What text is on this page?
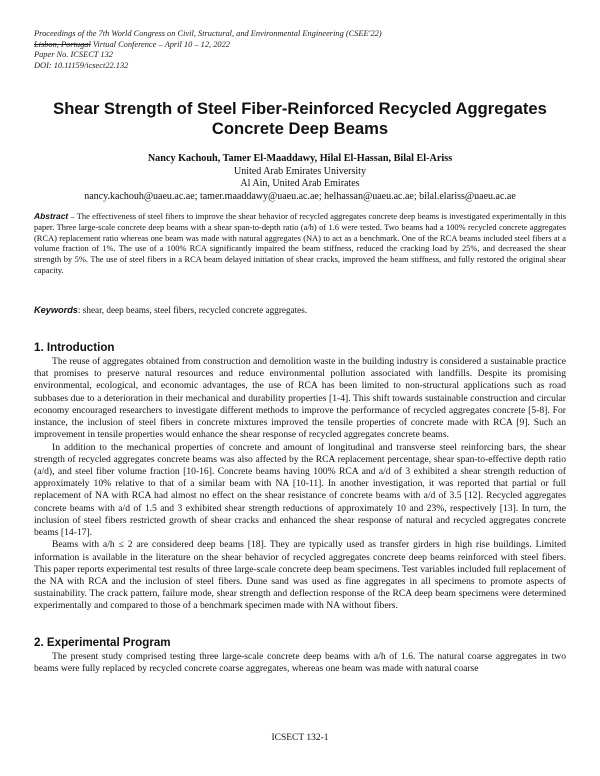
Proceedings of the 7th World Congress on Civil, Structural, and Environmental Engineering (CSEE'22)
Lisbon, Portugal Virtual Conference – April 10 – 12, 2022
Paper No. ICSECT 132
DOI: 10.11159/icsect22.132
Shear Strength of Steel Fiber-Reinforced Recycled Aggregates
Concrete Deep Beams
Nancy Kachouh, Tamer El-Maaddawy, Hilal El-Hassan, Bilal El-Ariss
United Arab Emirates University
Al Ain, United Arab Emirates
nancy.kachouh@uaeu.ac.ae; tamer.maaddawy@uaeu.ac.ae; helhassan@uaeu.ac.ae; bilal.elariss@uaeu.ac.ae
Abstract – The effectiveness of steel fibers to improve the shear behavior of recycled aggregates concrete deep beams is investigated experimentally in this paper. Three large-scale concrete deep beams with a shear span-to-depth ratio (a/h) of 1.6 were tested. Two beams had a 100% recycled concrete aggregates (RCA) replacement ratio whereas one beam was made with natural aggregates (NA) to act as a benchmark. One of the RCA beams included steel fibers at a volume fraction of 1%. The use of a 100% RCA significantly impaired the beam stiffness, reduced the cracking load by 25%, and decreased the shear strength by 5%. The use of steel fibers in a RCA beam delayed initiation of shear cracks, improved the beam stiffness, and fully restored the original shear capacity.
Keywords: shear, deep beams, steel fibers, recycled concrete aggregates.
1. Introduction

The reuse of aggregates obtained from construction and demolition waste in the building industry is considered a sustainable practice that promises to preserve natural resources and reduce environmental pollution associated with landfills. Despite its promising environmental, ecological, and economic advantages, the use of RCA has been limited to non-structural applications such as road subbases due to a deterioration in their mechanical and durability properties [1-4]. This shift towards sustainable construction and circular economy encouraged researchers to investigate different methods to improve the performance of recycled aggregates concrete [5-8]. For instance, the inclusion of steel fibers in concrete mixtures improved the tensile properties of concrete made with RCA [9]. Such an improvement in tensile properties would enhance the shear response of recycled aggregates concrete beams.

In addition to the mechanical properties of concrete and amount of longitudinal and transverse steel reinforcing bars, the shear strength of recycled aggregates concrete beams was also affected by the RCA replacement percentage, shear span-to-effective depth ratio (a/d), and steel fiber volume fraction [10-16]. Concrete beams having 100% RCA and a/d of 3 exhibited a shear strength reduction of approximately 10% relative to that of a similar beam with NA [10-11]. In another investigation, it was reported that partial or full replacement of NA with RCA had almost no effect on the shear resistance of concrete beams with a/d of 3.5 [12]. Recycled aggregates concrete beams with a/d of 1.5 and 3 exhibited shear strength reductions of approximately 10 and 23%, respectively [13]. In turn, the inclusion of steel fibers restricted growth of shear cracks and enhanced the shear response of natural and recycled aggregates concrete beams [14-17].

Beams with a/h ≤ 2 are considered deep beams [18]. They are typically used as transfer girders in high rise buildings. Limited information is available in the literature on the shear behavior of recycled aggregates concrete deep beams reinforced with steel fibers. This paper reports experimental test results of three large-scale concrete deep beam specimens. Test variables included full replacement of the NA with RCA and the inclusion of steel fibers. Dune sand was used as fine aggregates in all specimens to promote aspects of sustainability. The crack pattern, failure mode, shear strength and deflection response of the RCA deep beam specimens were determined experimentally and compared to those of a benchmark specimen made with NA without fibers.

2. Experimental Program

The present study comprised testing three large-scale concrete deep beams with a/h of 1.6. The natural coarse aggregates in two beams were fully replaced by recycled concrete coarse aggregates, whereas one beam was made with natural coarse

ICSECT 132-1
